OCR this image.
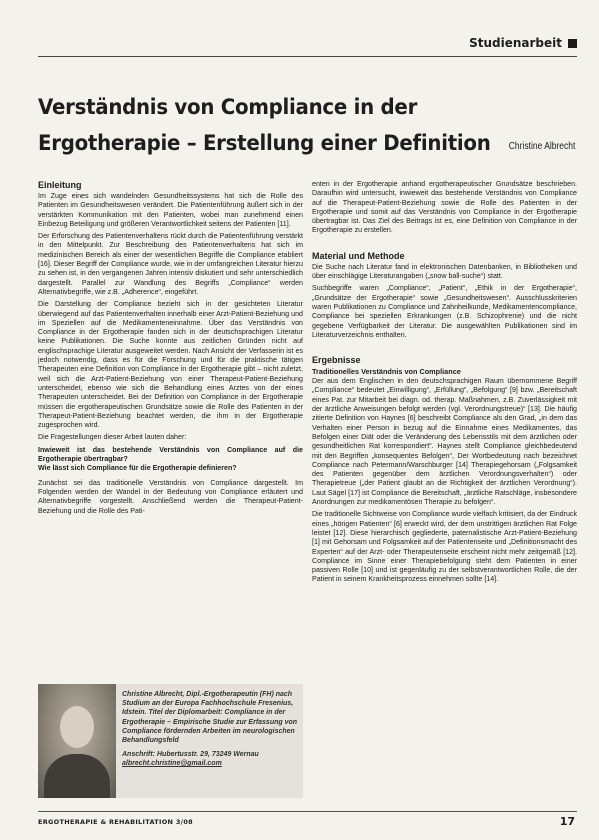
Studienarbeit
Verständnis von Compliance in der Ergotherapie – Erstellung einer Definition	Christine Albrecht
Einleitung

Im Zuge eines sich wandelnden Gesundheitssystems hat sich die Rolle des Patienten im Gesundheitswesen verändert. Die Patientenführung äußert sich in der verstärkten Kommunikation mit den Patienten, wobei man zunehmend einen Einbezug Beteiligung und größeren Verantwortlichkeit seitens der Patienten [11].

Der Erforschung des Patientenverhaltens rückt durch die Patientenführung verstärkt in den Mittelpunkt. Zur Beschreibung des Patientenverhaltens hat sich im medizinischen Bereich als einer der wesentlichen Begriffe die Compliance etabliert [16]. Dieser Begriff der Compliance wurde, wie in der umfangreichen Literatur hierzu zu sehen ist, in den vergangenen Jahren intensiv diskutiert und sehr unterschiedlich dargestellt. Parallel zur Wandlung des Begriffs „Compliance“ werden Alternativbegriffe, wie z.B. „Adherence“, eingeführt.

Die Darstellung der Compliance bezieht sich in der gesichteten Literatur überwiegend auf das Patientenverhalten innerhalb einer Arzt-Patient-Beziehung und im Speziellen auf die Medikamenteneinnahme. Über das Verständnis von Compliance in der Ergotherapie fanden sich in der deutschsprachigen Literatur keine Publikationen. Die Suche konnte aus zeitlichen Gründen nicht auf englischsprachige Literatur ausgeweitet werden. Nach Ansicht der Verfasserin ist es jedoch notwendig, dass es für die Forschung und für die praktische tätigen Therapeuten eine Definition von Compliance in der Ergotherapie gibt – nicht zuletzt, weil sich die Arzt-Patient-Beziehung von einer Therapeut-Patient-Beziehung unterscheidet, ebenso wie sich die Behandlung eines Arztes von der eines Therapeuten unterscheidet. Bei der Definition von Compliance in der Ergotherapie müssen die ergotherapeutischen Grundsätze sowie die Rolle des Patienten in der Therapeut-Patient-Beziehung beachtet werden, die ihm in der Ergotherapie zugesprochen wird.

Die Fragestellungen dieser Arbeit lauten daher:

Inwieweit ist das bestehende Verständnis von Compliance auf die Ergotherapie übertragbar?
Wie lässt sich Compliance für die Ergotherapie definieren?

Zunächst sei das traditionelle Verständnis von Compliance dargestellt. Im Folgenden werden der Wandel in der Bedeutung von Compliance erläutert und Alternativbegriffe vorgestellt. Anschließend werden die Therapeut-Patient-Beziehung und die Rolle des Pati-

enten in der Ergotherapie anhand ergotherapeutischer Grundsätze beschrieben. Daraufhin wird untersucht, inwieweit das bestehende Verständnis von Compliance auf die Therapeut-Patient-Beziehung sowie die Rolle des Patienten in der Ergotherapie und somit auf das Verständnis von Compliance in der Ergotherapie übertragbar ist. Das Ziel des Beitrags ist es, eine Definition von Compliance in der Ergotherapie zu erstellen.

Material und Methode

Die Suche nach Literatur fand in elektronischen Datenbanken, in Bibliotheken und über einschlägige Literaturangaben („snow ball-suche“) statt.

Suchbegriffe waren „Compliance“, „Patient“, „Ethik in der Ergotherapie“, „Grundsätze der Ergotherapie“ sowie „Gesundheitswesen“. Ausschlusskriterien waren Publikationen zu Compliance und Zahnheilkunde, Medikamentencompliance, Compliance bei speziellen Erkrankungen (z.B. Schizophrenie) und die nicht gegebene Verfügbarkeit der Literatur. Die ausgewählten Publikationen sind im Literaturverzeichnis enthalten.

Ergebnisse
Traditionelles Verständnis von Compliance

Der aus dem Englischen in den deutschsprachigen Raum übernommene Begriff „Compliance“ bedeutet „Einwilligung“, „Erfüllung“, „Befolgung“ [9] bzw. „Bereitschaft eines Pat. zur Mitarbeit bei diagn. od. therap. Maßnahmen, z.B. Zuverlässigkeit mit der ärztliche Anweisungen befolgt werden (vgl. Verordnungstreue)“ [13]. Die häufig zitierte Definition von Haynes [6] beschreibt Compliance als den Grad, „in dem das Verhalten einer Person in bezug auf die Einnahme eines Medikamentes, das Befolgen einer Diät oder die Veränderung des Lebensstils mit dem ärztlichen oder gesundheitlichen Rat korrespondiert“. Haynes stellt Compliance gleichbedeutend mit den Begriffen „konsequentes Befolgen“, Der Wortbedeutung nach bezeichnet Compliance nach Petermann/Warschburger [14] Therapiegehorsam („Folgsamkeit des Patienten gegenüber dem ärztlichen Verordnungsverhalten“) oder Therapietreue („der Patient glaubt an die Richtigkeit der ärztlichen Verordnung“). Laut Sägel [17] ist Compliance die Bereitschaft, „ärztliche Ratschläge, insbesondere Anordnungen zur medikamentösen Therapie zu befolgen“.

Die traditionelle Sichtweise von Compliance wurde vielfach kritisiert, da der Eindruck eines „hörigen Patienten“ [6] erweckt wird, der dem unstrittigen ärztlichen Rat Folge leistet [12]. Diese hierarchisch gegliederte, paternalistische Arzt-Patient-Beziehung [1] mit Gehorsam und Folgsamkeit auf der Patientenseite und „Definitionsmacht des Experten“ auf der Arzt- oder Therapeutenseite erscheint nicht mehr zeitgemäß [12]. Compliance im Sinne einer Therapiebefolgung steht dem Patienten in einer passiven Rolle [10] und ist gegenläufig zu der selbstverantwortlichen Rolle, die der Patient in seinem Krankheitsprozess einnehmen sollte [14].

Christine Albrecht, Dipl.-Ergotherapeutin (FH) nach Studium an der Europa Fachhochschule Fresenius, Idstein. Titel der Diplomarbeit: Compliance in der Ergotherapie – Empirische Studie zur Erfassung von Compliance fördernden Arbeiten im neurologischen Behandlungsfeld
Anschrift: Hubertusstr. 29, 73249 Wernau
albrecht.christine@gmail.com
ERGOTHERAPIE & REHABILITATION 3/08	17
